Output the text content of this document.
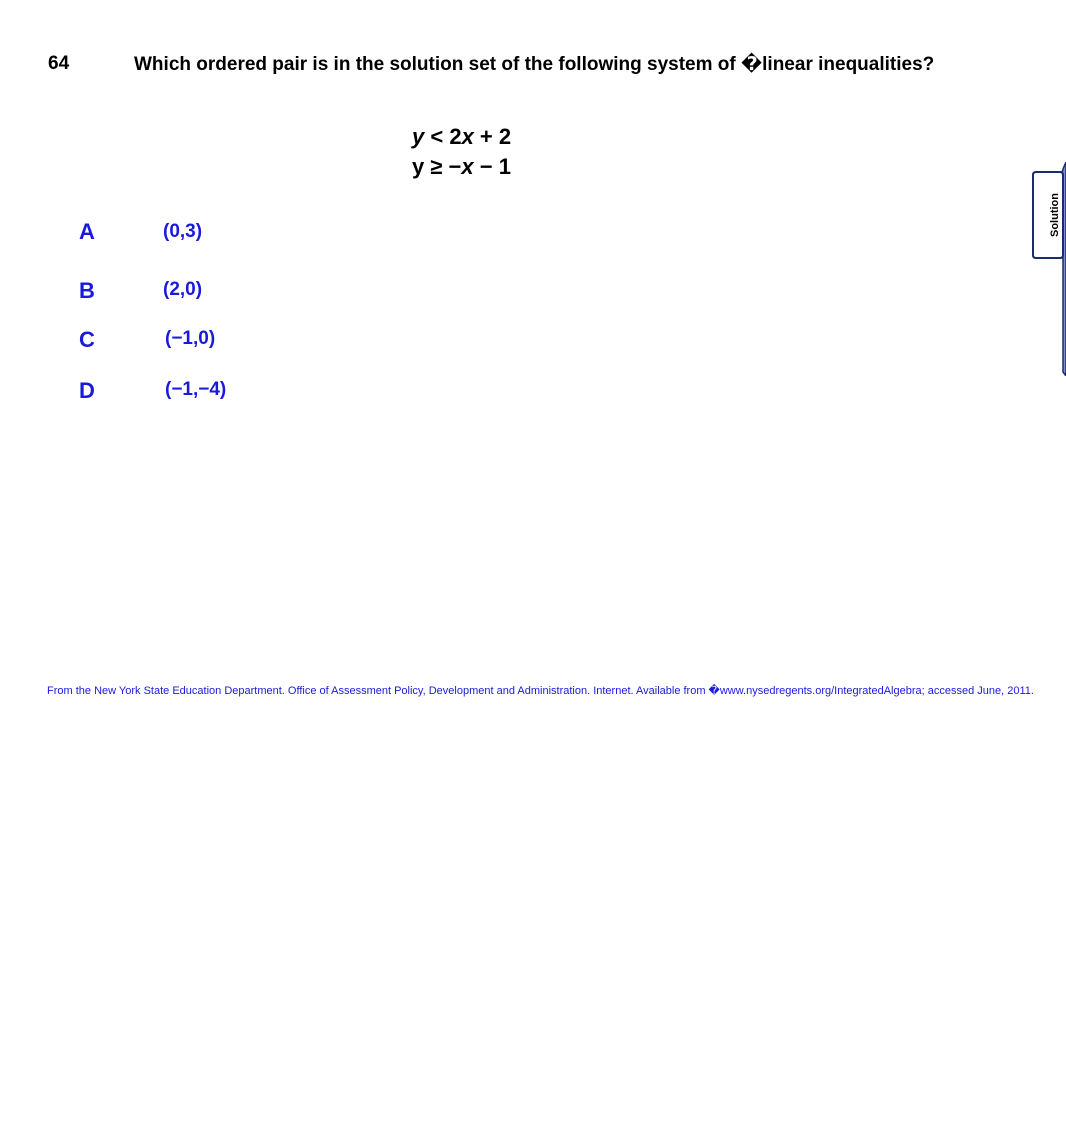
64	Which ordered pair is in the solution set of the following system of �linear inequalities?
y < 2x + 2
y ≥ −x − 1
A	(0,3)
B	(2,0)
C	(−1,0)
D	(−1,−4)
From the New York State Education Department. Office of Assessment Policy, Development and Administration. Internet. Available from �www.nysedregents.org/IntegratedAlgebra; accessed June, 2011.
Solution
